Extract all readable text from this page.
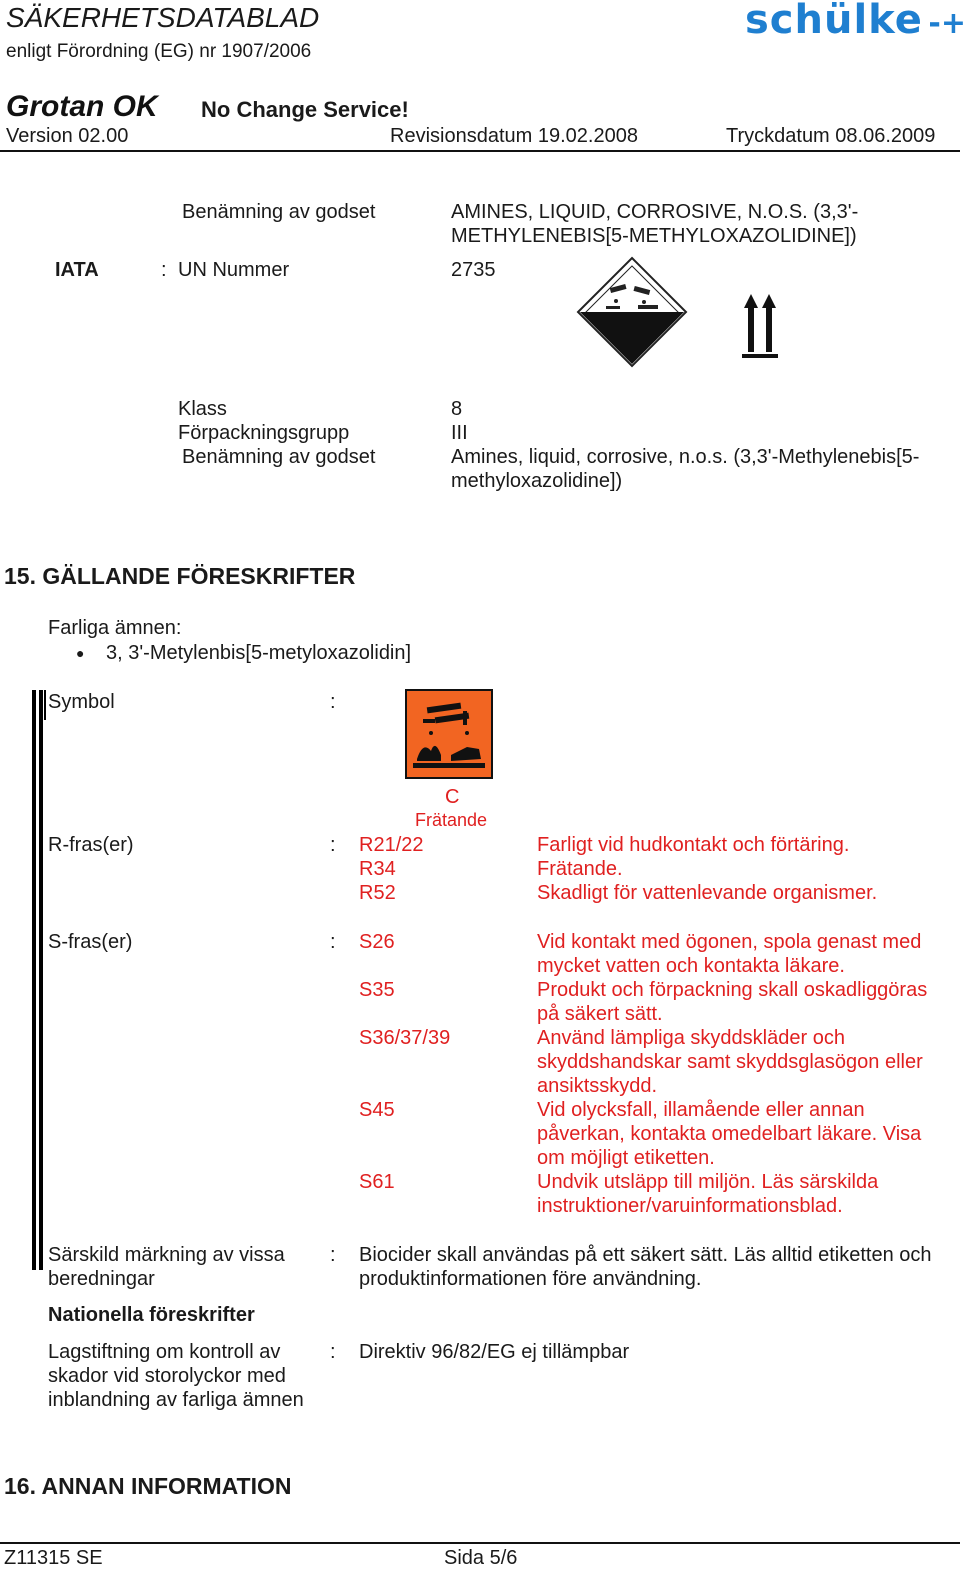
SÄKERHETSDATABLAD
enligt Förordning (EG) nr 1907/2006
schülke -+
Grotan OK No Change Service!
Version 02.00	Revisionsdatum 19.02.2008	Tryckdatum 08.06.2009
Benämning av godset	AMINES, LIQUID, CORROSIVE, N.O.S. (3,3'-
METHYLENEBIS[5-METHYLOXAZOLIDINE])
IATA	: UN Nummer	2735
Klass	8
Förpackningsgrupp	III
Benämning av godset	Amines, liquid, corrosive, n.o.s. (3,3'-Methylenebis[5-
methyloxazolidine])
15. GÄLLANDE FÖRESKRIFTER
Farliga ämnen:
● 3, 3'-Metylenbis[5-metyloxazolidin]
Symbol	:
C
Frätande
R-fras(er)	: R21/22	Farligt vid hudkontakt och förtäring.
R34	Frätande.
R52	Skadligt för vattenlevande organismer.
S-fras(er)	: S26	Vid kontakt med ögonen, spola genast med mycket vatten och kontakta läkare.
S35	Produkt och förpackning skall oskadliggöras på säkert sätt.
S36/37/39	Använd lämpliga skyddskläder och skyddshandskar samt skyddsglasögon eller ansiktsskydd.
S45	Vid olycksfall, illamående eller annan påverkan, kontakta omedelbart läkare. Visa om möjligt etiketten.
S61	Undvik utsläpp till miljön. Läs särskilda instruktioner/varuinformationsblad.
Särskild märkning av vissa beredningar
: Biocider skall användas på ett säkert sätt. Läs alltid etiketten och produktinformationen före användning.
Nationella föreskrifter
Lagstiftning om kontroll av skador vid storolyckor med inblandning av farliga ämnen
: Direktiv 96/82/EG ej tillämpbar
16. ANNAN INFORMATION
Z11315 SE	Sida 5/6
